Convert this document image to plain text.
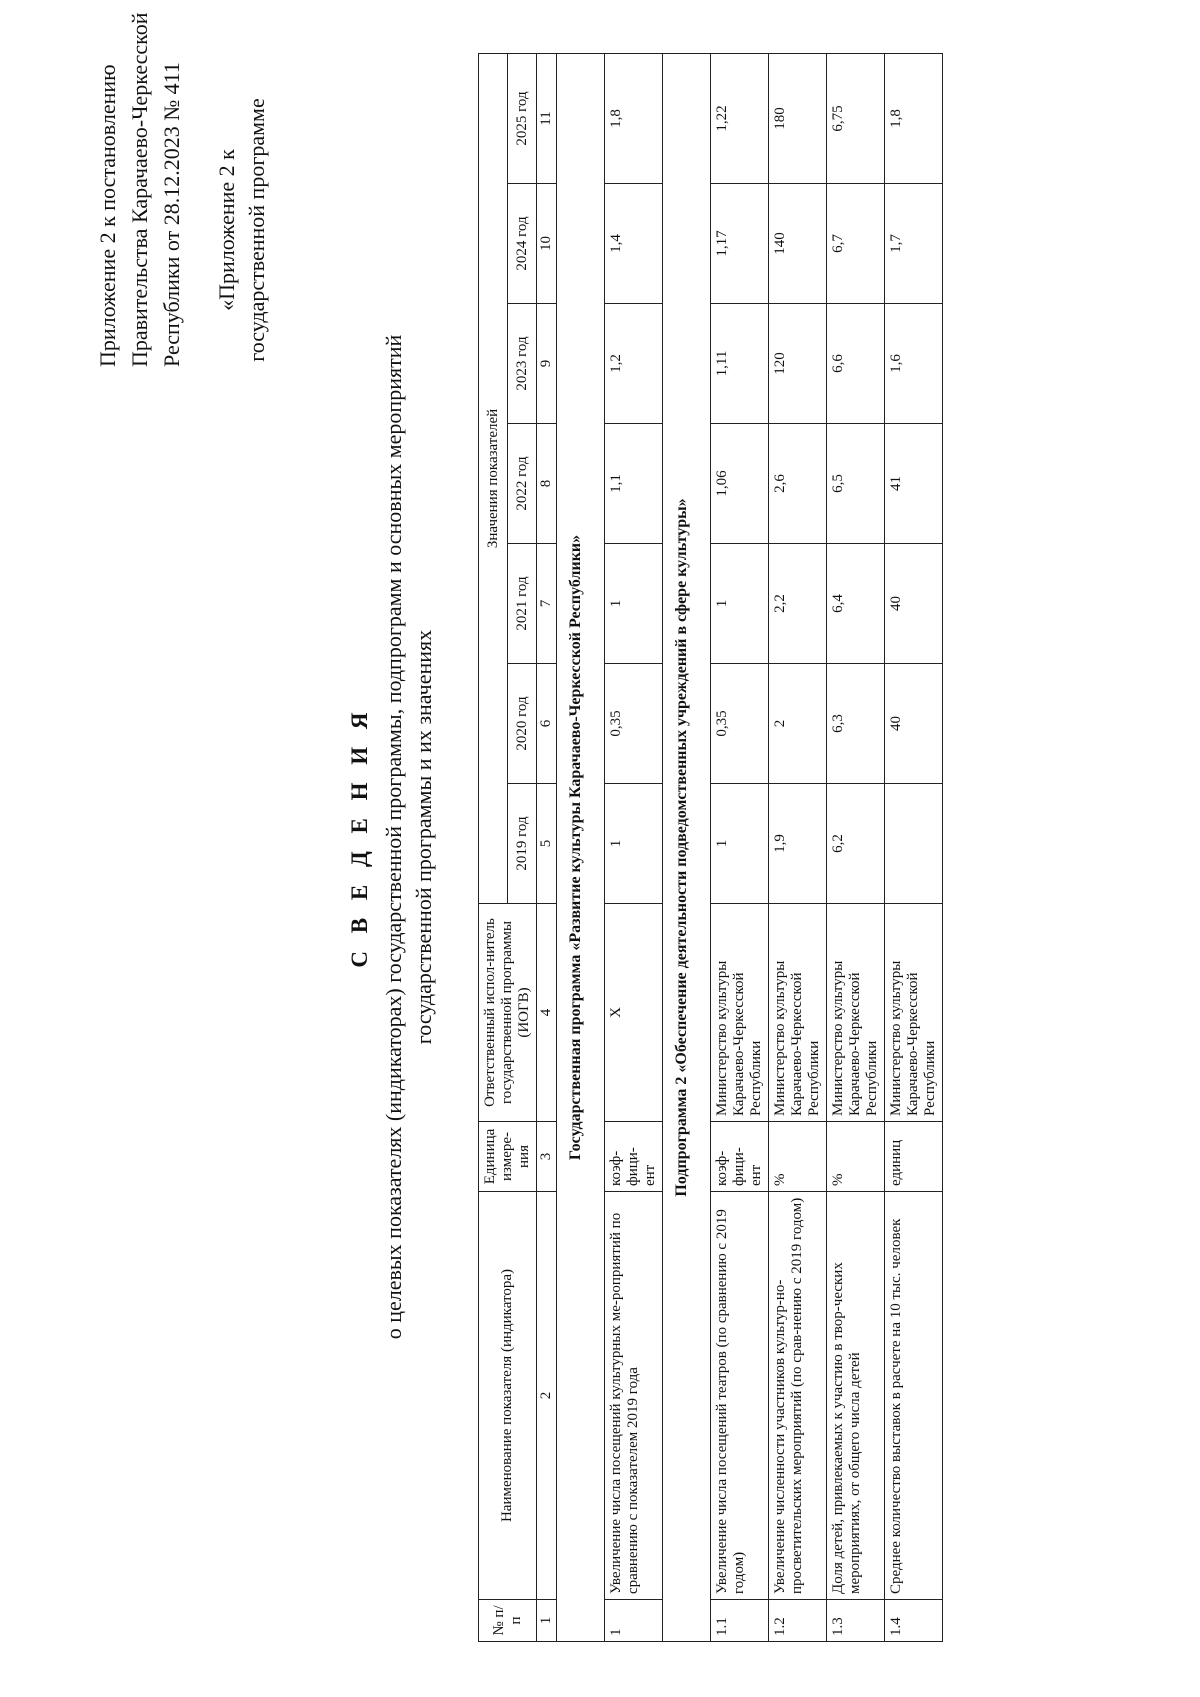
Приложение 2 к постановлению Правительства Карачаево-Черкесской Республики от 28.12.2023 № 411 «Приложение 2 к государственной программе
С В Е Д Е Н И Я о целевых показателях (индикаторах) государственной программы, подпрограмм и основных мероприятий государственной программы и их значениях
№ п/п	Наименование показателя (индикатора)	Единица измере-ния	Ответственный испол-нитель государственной программы (ИОГВ)	Значения показателей						
				2019 год	2020 год	2021 год	2022 год	2023 год	2024 год	2025 год
1	2	3	4	5	6	7	8	9	10	11
Государственная программа «Развитие культуры Карачаево-Черкесской Республики»										
1	Увеличение числа посещений культурных ме-роприятий по сравнению с показателем 2019 года	коэф-фици-ент	X	1	0,35	1	1,1	1,2	1,4	1,8
Подпрограмма 2 «Обеспечение деятельности подведомственных учреждений в сфере культуры»										
1.1	Увеличение числа посещений театров (по сравнению с 2019 годом)	коэф-фици-ент	Министерство культуры Карачаево-Черкесской Республики	1	0,35	1	1,06	1,11	1,17	1,22
1.2	Увеличение численности участников культур-но-просветительских мероприятий (по срав-нению с 2019 годом)	%	Министерство культуры Карачаево-Черкесской Республики	1,9	2	2,2	2,6	120	140	180
1.3	Доля детей, привлекаемых к участию в твор-ческих мероприятиях, от общего числа детей	%	Министерство культуры Карачаево-Черкесской Республики	6,2	6,3	6,4	6,5	6,6	6,7	6,75
1.4	Среднее количество выставок в расчете на 10 тыс. человек	единиц	Министерство культуры Карачаево-Черкесской Республики		40	40	41	1,6	1,7	1,8
